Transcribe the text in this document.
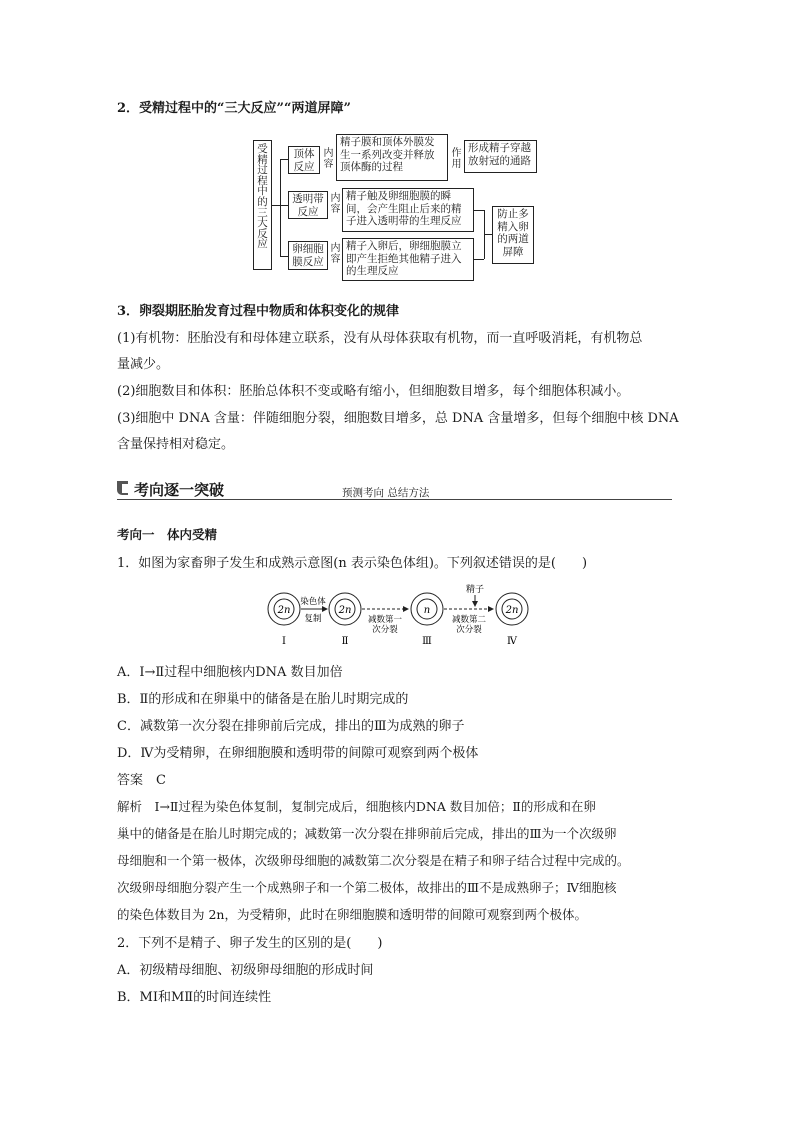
2．受精过程中的“三大反应”“两道屏障”
受精过程中的三大反应
顶体反应
透明带反应
卵细胞膜反应
内容
内容
内容
精子膜和顶体外膜发生一系列改变并释放顶体酶的过程
精子触及卵细胞膜的瞬间，会产生阻止后来的精子进入透明带的生理反应
精子入卵后，卵细胞膜立即产生拒绝其他精子进入的生理反应
作用
形成精子穿越放射冠的通路
防止多精入卵的两道屏障
3．卵裂期胚胎发育过程中物质和体积变化的规律
(1)有机物：胚胎没有和母体建立联系，没有从母体获取有机物，而一直呼吸消耗，有机物总
量减少。
(2)细胞数目和体积：胚胎总体积不变或略有缩小，但细胞数目增多，每个细胞体积减小。
(3)细胞中 DNA 含量：伴随细胞分裂，细胞数目增多，总 DNA 含量增多，但每个细胞中核 DNA
含量保持相对稳定。
考向逐一突破	预测考向 总结方法
考向一　体内受精
1．如图为家畜卵子发生和成熟示意图(n 表示染色体组)。下列叙述错误的是(　　)
2n	2n	n	2n
染色体
复制	减数第一
次分裂
减数第二
次分裂
精子
Ⅰ	Ⅱ	Ⅲ	Ⅳ
A．Ⅰ→Ⅱ过程中细胞核内DNA 数目加倍
B．Ⅱ的形成和在卵巢中的储备是在胎儿时期完成的
C．减数第一次分裂在排卵前后完成，排出的Ⅲ为成熟的卵子
D．Ⅳ为受精卵，在卵细胞膜和透明带的间隙可观察到两个极体
答案　C
解析　Ⅰ→Ⅱ过程为染色体复制，复制完成后，细胞核内DNA 数目加倍；Ⅱ的形成和在卵
巢中的储备是在胎儿时期完成的；减数第一次分裂在排卵前后完成，排出的Ⅲ为一个次级卵
母细胞和一个第一极体，次级卵母细胞的减数第二次分裂是在精子和卵子结合过程中完成的。
次级卵母细胞分裂产生一个成熟卵子和一个第二极体，故排出的Ⅲ不是成熟卵子；Ⅳ细胞核
的染色体数目为 2n，为受精卵，此时在卵细胞膜和透明带的间隙可观察到两个极体。
2．下列不是精子、卵子发生的区别的是(　　)
A．初级精母细胞、初级卵母细胞的形成时间
B．MⅠ和MⅡ的时间连续性
